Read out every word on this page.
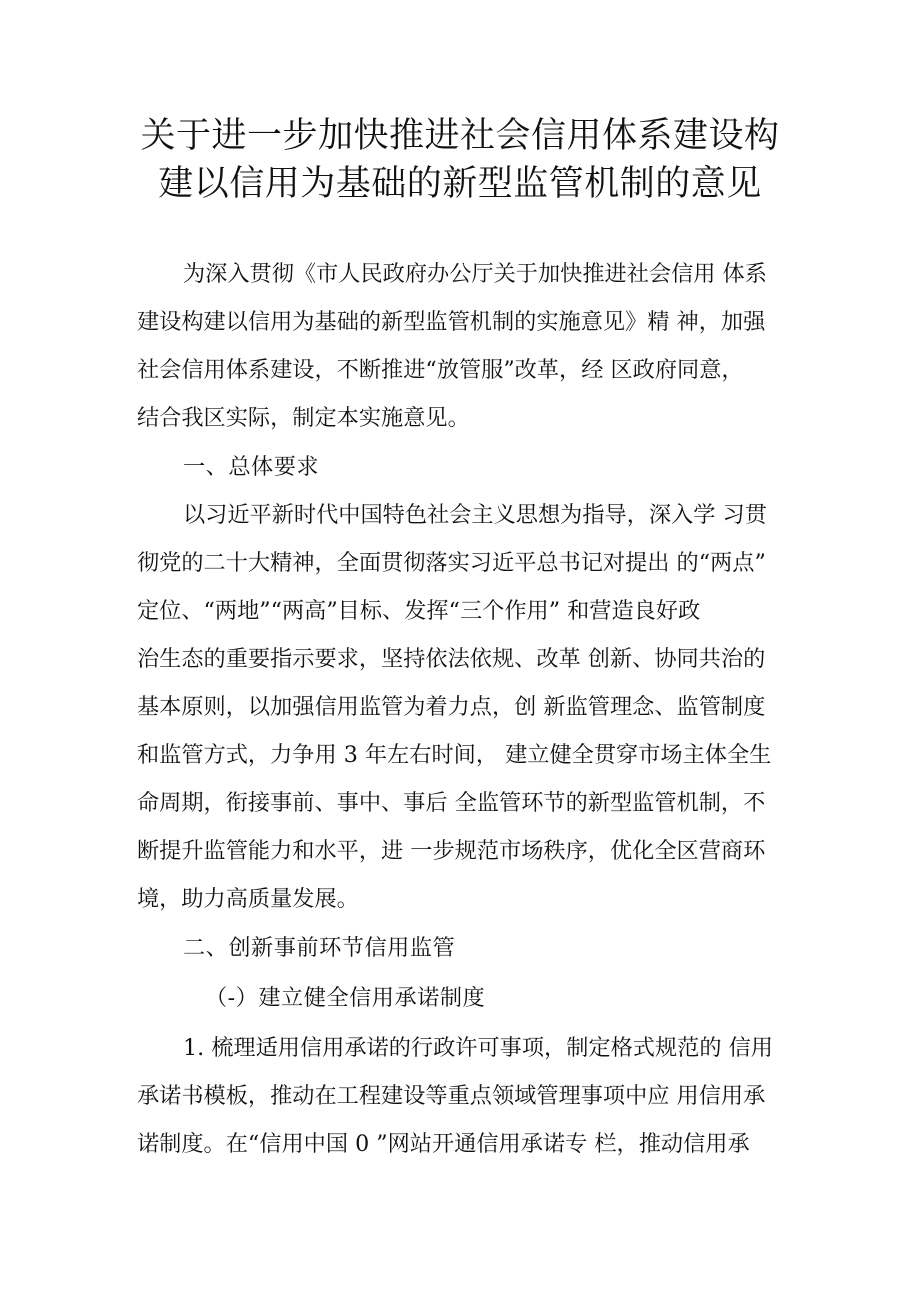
关于进一步加快推进社会信用体系建设构
建以信用为基础的新型监管机制的意见
为深入贯彻《市人民政府办公厅关于加快推进社会信用 体系
建设构建以信用为基础的新型监管机制的实施意见》精 神，加强
社会信用体系建设，不断推进“放管服”改革，经 区政府同意，
结合我区实际，制定本实施意见。
一、总体要求
以习近平新时代中国特色社会主义思想为指导，深入学 习贯
彻党的二十大精神，全面贯彻落实习近平总书记对提出 的“两点”
定位、“两地”“两高”目标、发挥“三个作用” 和营造良好政
治生态的重要指示要求，坚持依法依规、改革 创新、协同共治的
基本原则，以加强信用监管为着力点，创 新监管理念、监管制度
和监管方式，力争用 3 年左右时间， 建立健全贯穿市场主体全生
命周期，衔接事前、事中、事后 全监管环节的新型监管机制，不
断提升监管能力和水平，进 一步规范市场秩序，优化全区营商环
境，助力高质量发展。
二、创新事前环节信用监管
（-）建立健全信用承诺制度
1. 梳理适用信用承诺的行政许可事项，制定格式规范的 信用
承诺书模板，推动在工程建设等重点领域管理事项中应 用信用承
诺制度。在“信用中国 0 ”网站开通信用承诺专 栏，推动信用承
